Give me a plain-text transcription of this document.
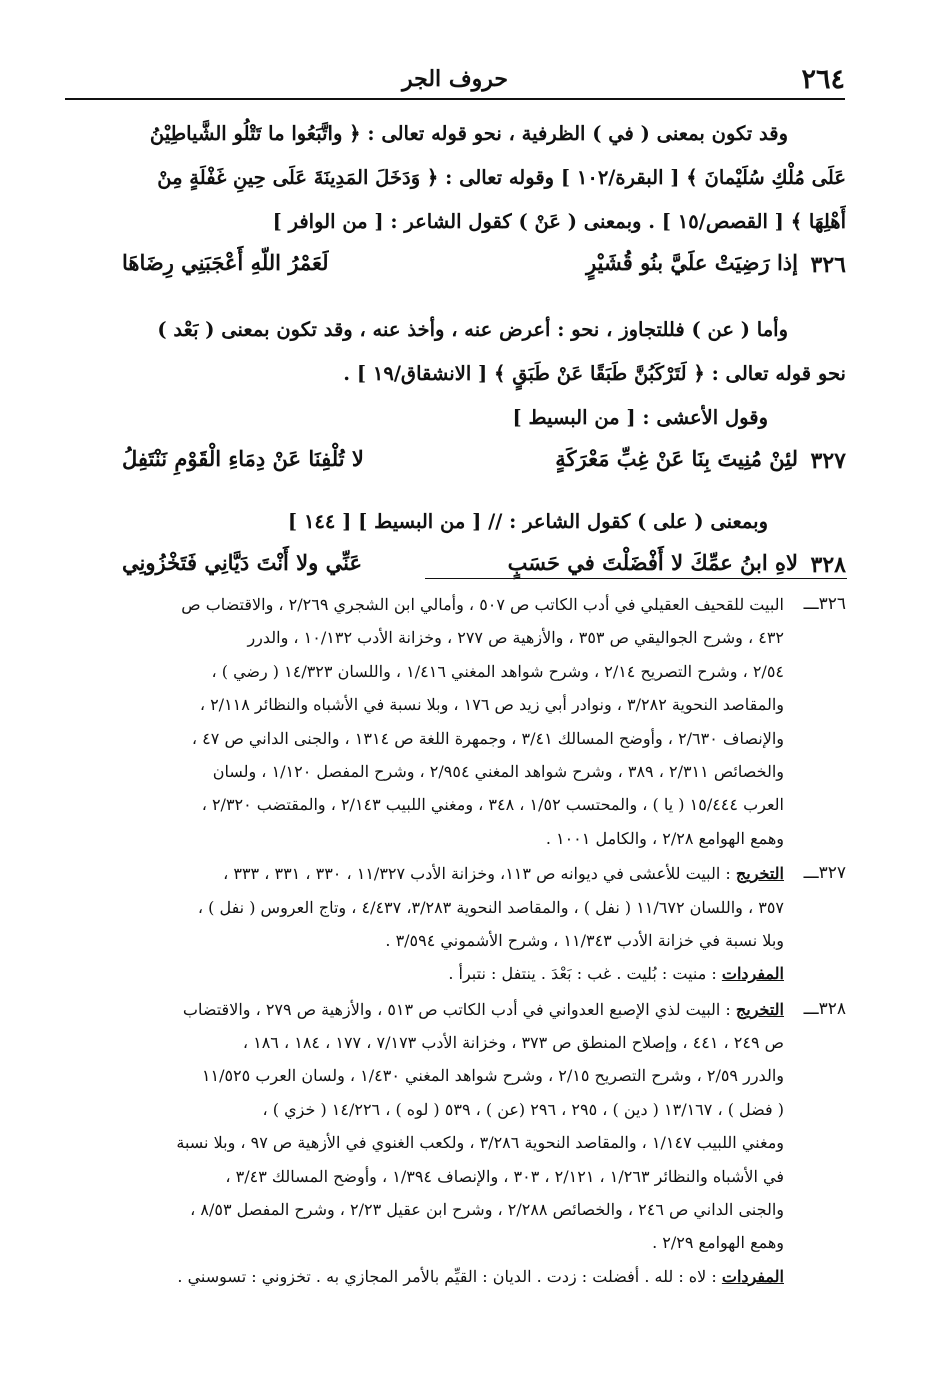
٢٦٤
حروف الجر
وقد تكون بمعنى ( في ) الظرفية ، نحو قوله تعالى : ﴿ واتَّبَعُوا ما تَتْلُو الشَّياطِيْنُ
عَلَى مُلْكِ سُلَيْمانَ ﴾ [ البقرة/١٠٢ ] وقوله تعالى : ﴿ وَدَخَلَ المَدِينَةَ عَلَى حِينِ غَفْلَةٍ مِنْ
أَهْلِهَا ﴾ [ القصص/١٥ ] . وبمعنى ( عَنْ ) كقول الشاعر : [ من الوافر ]
٣٢٦
إذا رَضِيَتْ علَيَّ بنُو قُشَيْرٍ
لَعَمْرُ اللّهِ أَعْجَبَنِي رِضَاهَا
وأما ( عن ) فللتجاوز ، نحو : أعرض عنه ، وأخذ عنه ، وقد تكون بمعنى ( بَعْد )
نحو قوله تعالى : ﴿ لَتَرْكَبُنَّ طَبَقًا عَنْ طَبَقٍ ﴾ [ الانشقاق/١٩ ] .
وقول الأعشى : [ من البسيط ]
٣٢٧
لئِنْ مُنِيتَ بِنَا عَنْ غِبِّ مَعْرَكَةٍ
لا تُلْفِنَا عَنْ دِمَاءِ الْقَوْمِ نَنْتَفِلُ
وبمعنى ( على ) كقول الشاعر : // [ من البسيط ] [ ١٤٤ ]
٣٢٨
لاهِ ابنُ عمِّكَ لا أَفْضَلْتَ في حَسَبٍ
عَنِّي ولا أَنْتَ دَيَّانِي فَتَخْزُونِي
٣٢٦ـــ
البيت للقحيف العقيلي في أدب الكاتب ص ٥٠٧ ، وأمالي ابن الشجري ٢/٢٦٩ ، والاقتضاب ص
٤٣٢ ، وشرح الجواليقي ص ٣٥٣ ، والأزهية ص ٢٧٧ ، وخزانة الأدب ١٠/١٣٢ ، والدرر
٢/٥٤ ، وشرح التصريح ٢/١٤ ، وشرح شواهد المغني ١/٤١٦ ، واللسان ١٤/٣٢٣ ( رضي ) ،
والمقاصد النحوية ٣/٢٨٢ ، ونوادر أبي زيد ص ١٧٦ ، وبلا نسبة في الأشباه والنظائر ٢/١١٨ ،
والإنصاف ٢/٦٣٠ ، وأوضح المسالك ٣/٤١ ، وجمهرة اللغة ص ١٣١٤ ، والجنى الداني ص ٤٧ ،
والخصائص ٢/٣١١ ، ٣٨٩ ، وشرح شواهد المغني ٢/٩٥٤ ، وشرح المفصل ١/١٢٠ ، ولسان
العرب ١٥/٤٤٤ ( يا ) ، والمحتسب ١/٥٢ ، ٣٤٨ ، ومغني اللبيب ٢/١٤٣ ، والمقتضب ٢/٣٢٠ ،
وهمع الهوامع ٢/٢٨ ، والكامل ١٠٠١ .
٣٢٧ـــ
التخريج : البيت للأعشى في ديوانه ص ١١٣، وخزانة الأدب ١١/٣٢٧ ، ٣٣٠ ، ٣٣١ ، ٣٣٣ ،
٣٥٧ ، واللسان ١١/٦٧٢ ( نفل ) ، والمقاصد النحوية ٣/٢٨٣، ٤/٤٣٧ ، وتاج العروس ( نفل ) ،
وبلا نسبة في خزانة الأدب ١١/٣٤٣ ، وشرح الأشموني ٣/٥٩٤ .
المفردات : منيت : بُليت . غب : بَعْدَ . ينتفل : نتبرأ .
٣٢٨ـــ
التخريج : البيت لذي الإصبع العدواني في أدب الكاتب ص ٥١٣ ، والأزهية ص ٢٧٩ ، والاقتضاب
ص ٢٤٩ ، ٤٤١ ، وإصلاح المنطق ص ٣٧٣ ، وخزانة الأدب ٧/١٧٣ ، ١٧٧ ، ١٨٤ ، ١٨٦ ،
والدرر ٢/٥٩ ، وشرح التصريح ٢/١٥ ، وشرح شواهد المغني ١/٤٣٠ ، ولسان العرب ١١/٥٢٥
( فضل ) ، ١٣/١٦٧ ( دين ) ، ٢٩٥ ، ٢٩٦ (عن ) ، ٥٣٩ ( لوه ) ، ١٤/٢٢٦ ( خزي ) ،
ومغني اللبيب ١/١٤٧ ، والمقاصد النحوية ٣/٢٨٦ ، ولكعب الغنوي في الأزهية ص ٩٧ ، وبلا نسبة
في الأشباه والنظائر ١/٢٦٣ ، ٢/١٢١ ، ٣٠٣ ، والإنصاف ١/٣٩٤ ، وأوضح المسالك ٣/٤٣ ،
والجنى الداني ص ٢٤٦ ، والخصائص ٢/٢٨٨ ، وشرح ابن عقيل ٢/٢٣ ، وشرح المفصل ٨/٥٣ ،
وهمع الهوامع ٢/٢٩ .
المفردات : لاه : لله . أفضلت : زدت . الديان : القيِّم بالأمر المجازي به . تخزوني : تسوسني .
